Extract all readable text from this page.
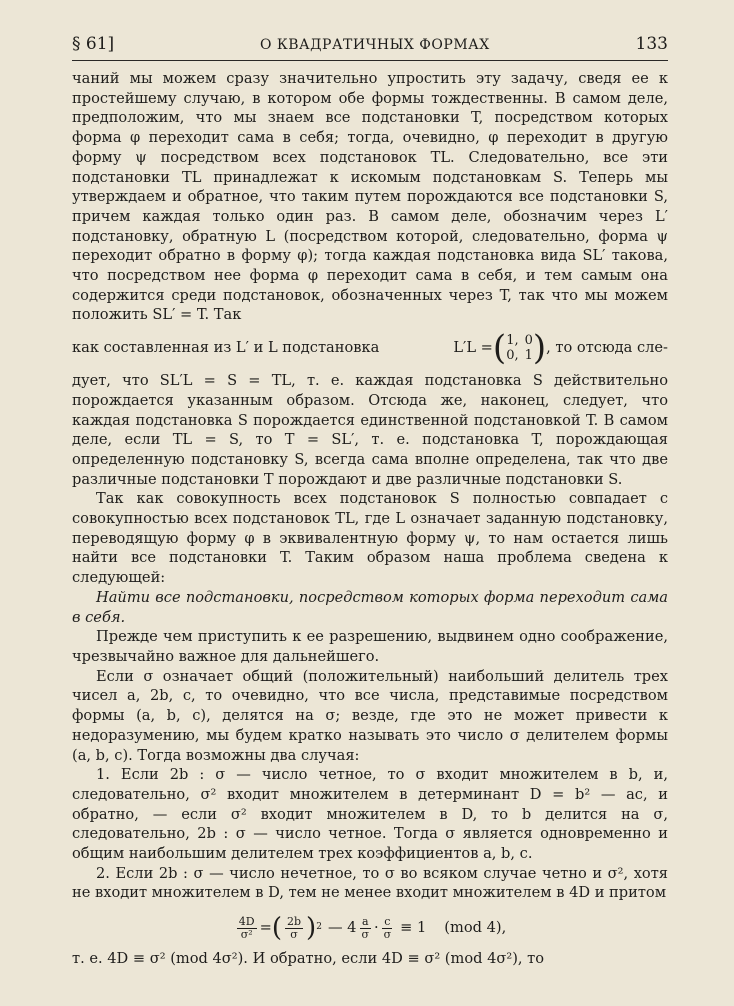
§ 61]	О КВАДРАТИЧНЫХ ФОРМАХ	133

чаний мы можем сразу значительно упростить эту задачу, сведя ее к простейшему случаю, в котором обе формы тождественны. В самом деле, предположим, что мы знаем все подстановки T, посредством которых форма φ переходит сама в себя; тогда, очевидно, φ переходит в другую форму ψ посредством всех подстановок TL. Следовательно, все эти подстановки TL принадлежат к искомым подстановкам S. Теперь мы утверждаем и обратное, что таким путем порождаются все подстановки S, причем каждая только один раз. В самом деле, обозначим через L′ подстановку, обратную L (посредством которой, следовательно, форма ψ переходит обратно в форму φ); тогда каждая подстановка вида SL′ такова, что посредством нее форма φ переходит сама в себя, и тем самым она содержится среди подстановок, обозначенных через T, так что мы можем положить SL′ = T. Так

как составленная из L′ и L подстановка	L′L = ( 1, 0
0, 1 ) , то отсюда сле-

дует, что SL′L = S = TL, т. е. каждая подстановка S действительно порождается указанным образом. Отсюда же, наконец, следует, что каждая подстановка S порождается единственной подстановкой T. В самом деле, если TL = S, то T = SL′, т. е. подстановка T, порождающая определенную подстановку S, всегда сама вполне определена, так что две различные подстановки T порождают и две различные подстановки S.

Так как совокупность всех подстановок S полностью совпадает с совокупностью всех подстановок TL, где L означает заданную подстановку, переводящую форму φ в эквивалентную форму ψ, то нам остается лишь найти все подстановки T. Таким образом наша проблема сведена к следующей:

Найти все подстановки, посредством которых форма переходит сама в себя.

Прежде чем приступить к ее разрешению, выдвинем одно соображение, чрезвычайно важное для дальнейшего.

Если σ означает общий (положительный) наибольший делитель трех чисел a, 2b, c, то очевидно, что все числа, представимые посредством формы (a, b, c), делятся на σ; везде, где это не может привести к недоразумению, мы будем кратко называть это число σ делителем формы (a, b, c). Тогда возможны два случая:

1. Если 2b : σ — число четное, то σ входит множителем в b, и, следовательно, σ² входит множителем в детерминант D = b² — ac, и обратно, — если σ² входит множителем в D, то b делится на σ, следовательно, 2b : σ — число четное. Тогда σ является одновременно и общим наибольшим делителем трех коэффициентов a, b, c.

2. Если 2b : σ — число нечетное, то σ во всяком случае четно и σ², хотя не входит множителем в D, тем не менее входит множителем в 4D и притом

$\frac{4D}{\text{σ²}}$ = ( $\frac{2b}{\sigma}$ ) 2 — $4 \frac{a}{\sigma} \cdot \frac{c}{\sigma} \equiv 1$ (mod 4),

т. е. 4D ≡ σ² (mod 4σ²). И обратно, если 4D ≡ σ² (mod 4σ²), то
